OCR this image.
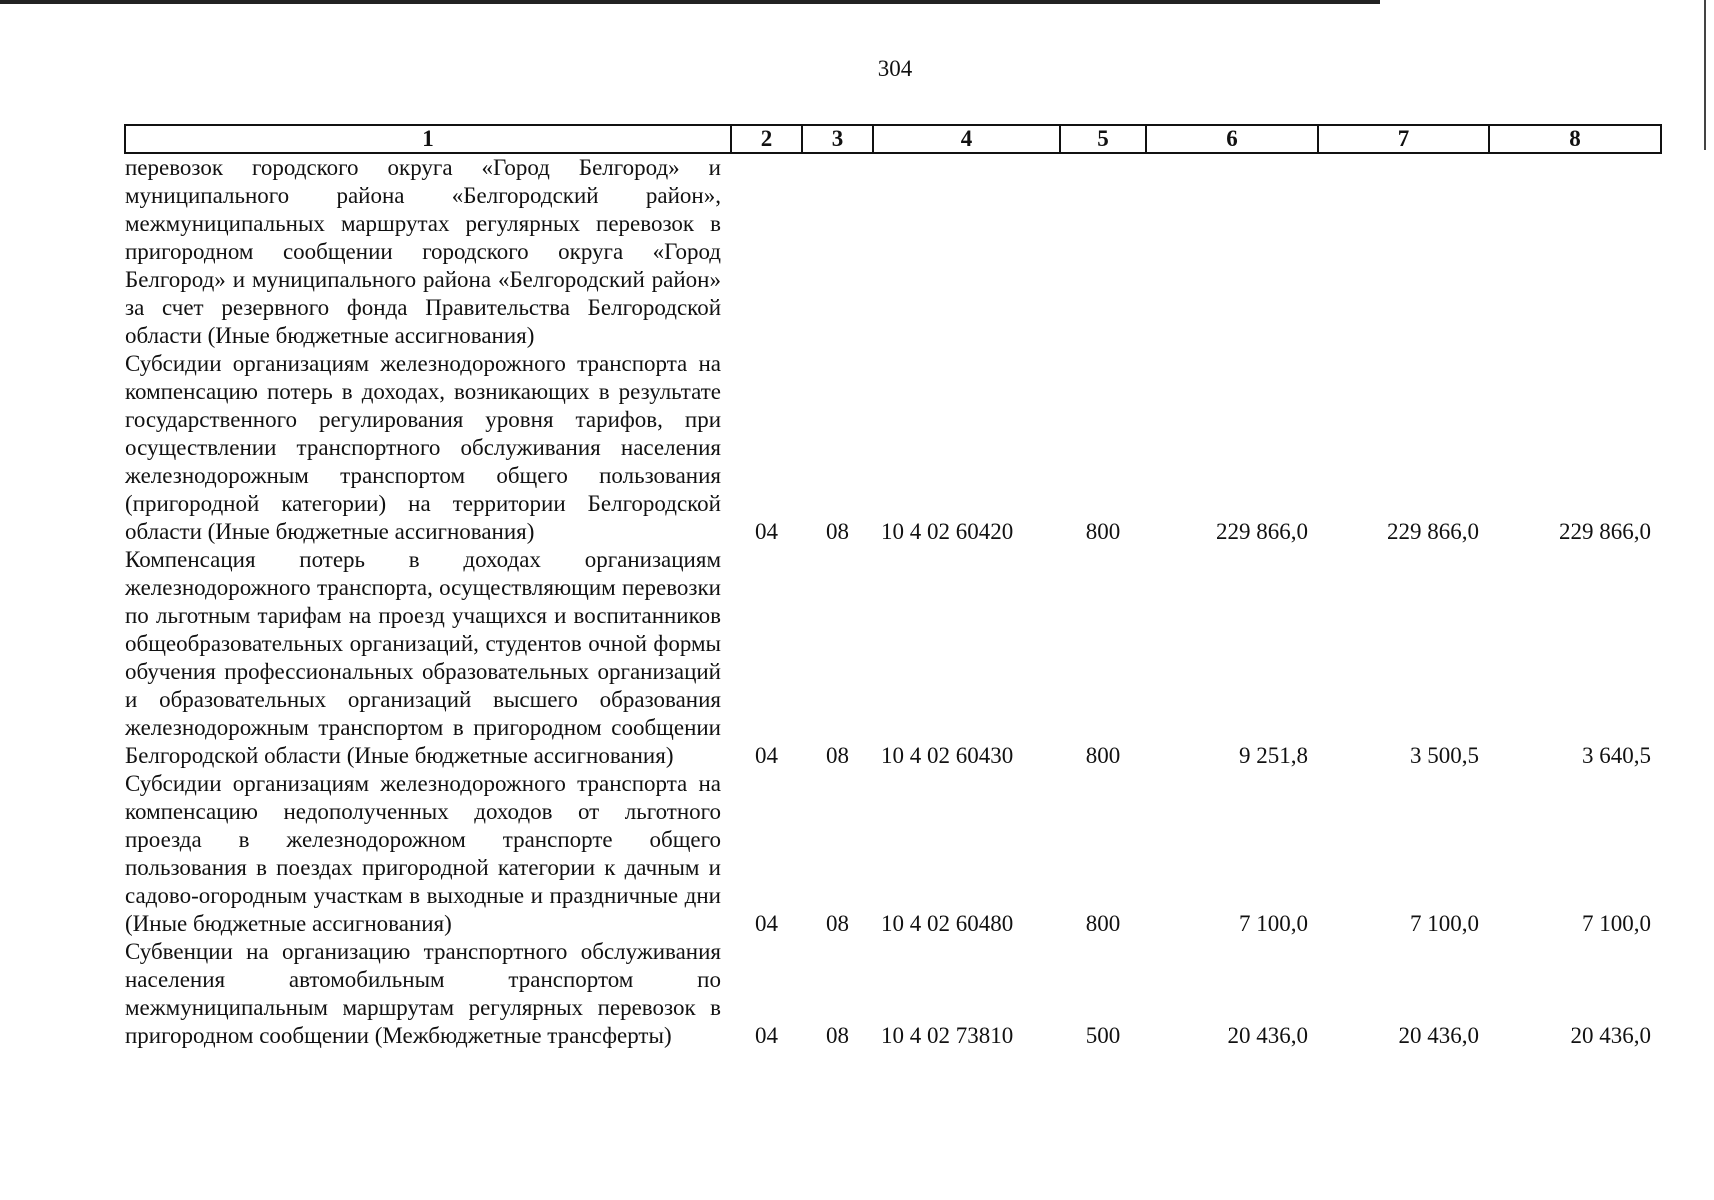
304
1	2	3	4	5	6	7	8
перевозок городского округа «Город Белгород» и муниципального района «Белгородский район», межмуниципальных маршрутах регулярных перевозок в пригородном сообщении городского округа «Город Белгород» и муниципального района «Белгородский район» за счет резервного фонда Правительства Белгородской области (Иные бюджетные ассигнования)							
Субсидии организациям железнодорожного транспорта на компенсацию потерь в доходах, возникающих в результате государственного регулирования уровня тарифов, при осуществлении транспортного обслуживания населения железнодорожным транспортом общего пользования (пригородной категории) на территории Белгородской области (Иные бюджетные ассигнования)	04	08	10 4 02 60420	800	229 866,0	229 866,0	229 866,0
Компенсация потерь в доходах организациям железнодорожного транспорта, осуществляющим перевозки по льготным тарифам на проезд учащихся и воспитанников общеобразовательных организаций, студентов очной формы обучения профессиональных образовательных организаций и образовательных организаций высшего образования железнодорожным транспортом в пригородном сообщении Белгородской области (Иные бюджетные ассигнования)	04	08	10 4 02 60430	800	9 251,8	3 500,5	3 640,5
Субсидии организациям железнодорожного транспорта на компенсацию недополученных доходов от льготного проезда в железнодорожном транспорте общего пользования в поездах пригородной категории к дачным и садово-огородным участкам в выходные и праздничные дни (Иные бюджетные ассигнования)	04	08	10 4 02 60480	800	7 100,0	7 100,0	7 100,0
Субвенции на организацию транспортного обслуживания населения автомобильным транспортом по межмуниципальным маршрутам регулярных перевозок в пригородном сообщении (Межбюджетные трансферты)	04	08	10 4 02 73810	500	20 436,0	20 436,0	20 436,0
